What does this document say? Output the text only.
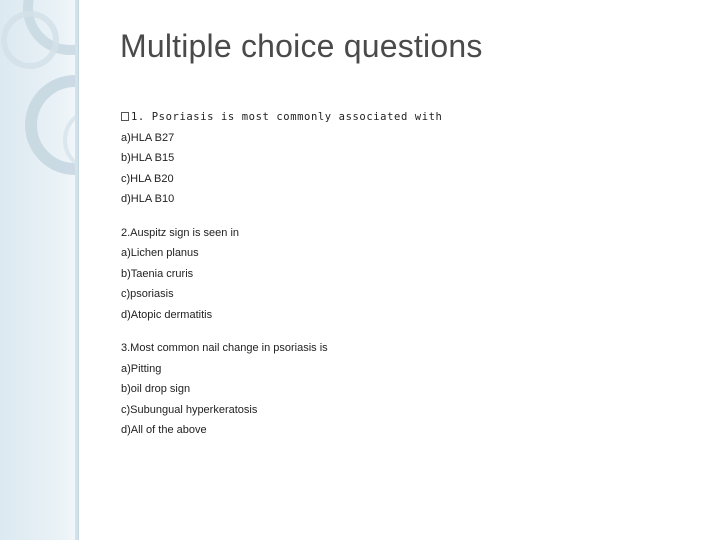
Multiple choice questions
1. Psoriasis is most commonly associated with
a)HLA B27
b)HLA B15
c)HLA B20
d)HLA B10
2.Auspitz sign is seen in
a)Lichen planus
b)Taenia cruris
c)psoriasis
d)Atopic dermatitis
3.Most common nail change in psoriasis is
a)Pitting
b)oil drop sign
c)Subungual hyperkeratosis
d)All of the above
